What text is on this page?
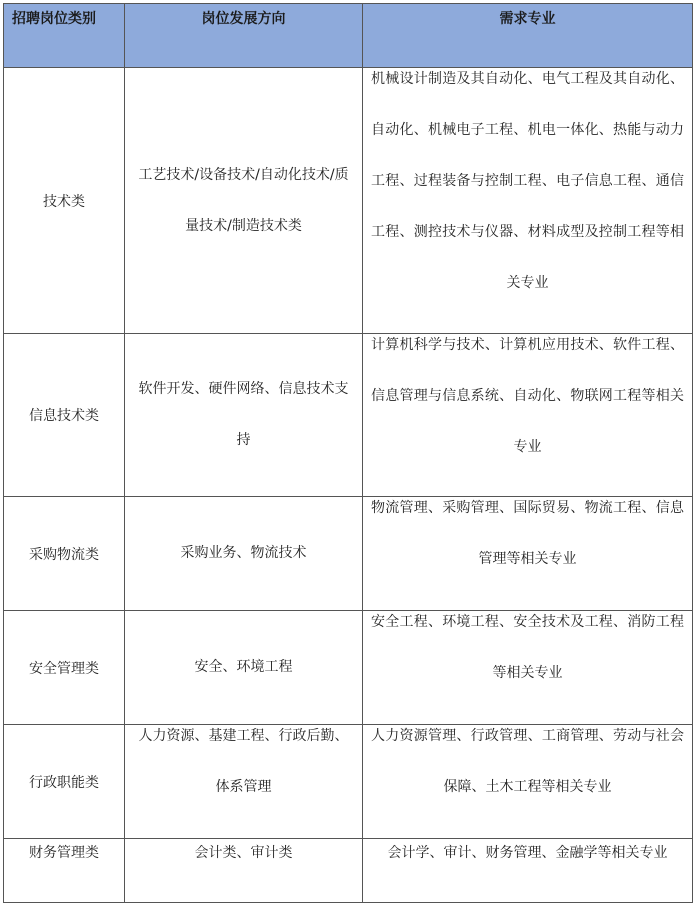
招聘岗位类别	岗位发展方向	需求专业
技术类	工艺技术/设备技术/自动化技术/质量技术/制造技术类	机械设计制造及其自动化、电气工程及其自动化、自动化、机械电子工程、机电一体化、热能与动力工程、过程装备与控制工程、电子信息工程、通信工程、测控技术与仪器、材料成型及控制工程等相关专业

信息技术类	软件开发、硬件网络、信息技术支持	计算机科学与技术、计算机应用技术、软件工程、信息管理与信息系统、自动化、物联网工程等相关专业

采购物流类	采购业务、物流技术	物流管理、采购管理、国际贸易、物流工程、信息管理等相关专业

安全管理类	安全、环境工程	安全工程、环境工程、安全技术及工程、消防工程等相关专业

行政职能类	人力资源、基建工程、行政后勤、体系管理	人力资源管理、行政管理、工商管理、劳动与社会保障、土木工程等相关专业

财务管理类	会计类、审计类	会计学、审计、财务管理、金融学等相关专业
